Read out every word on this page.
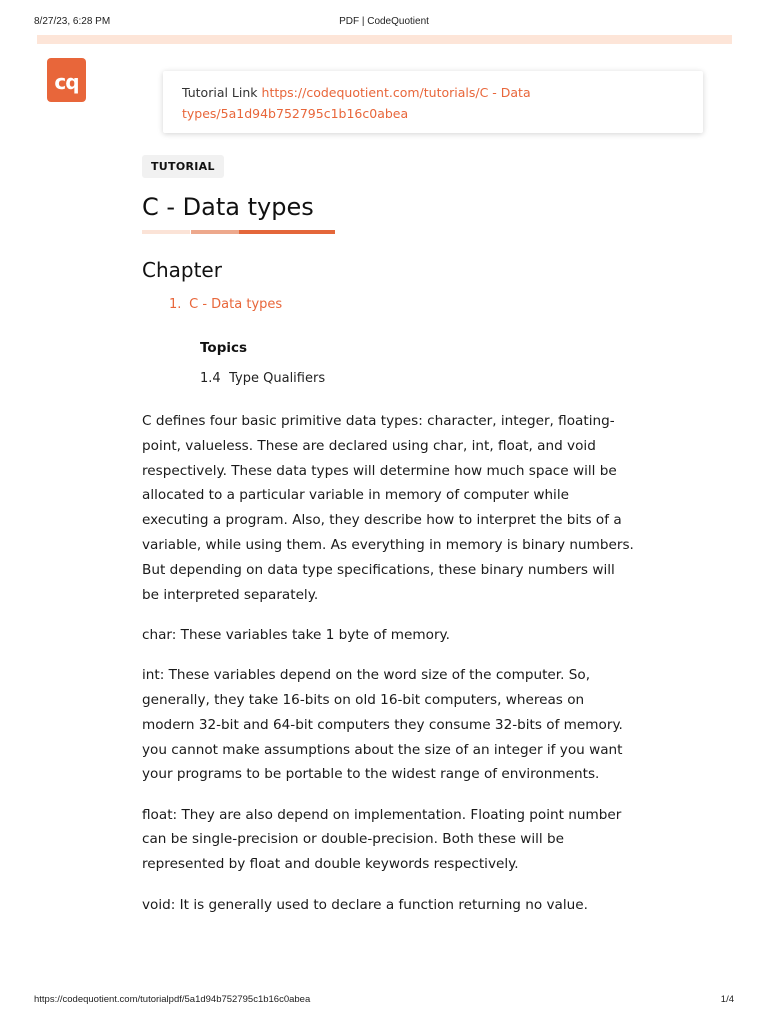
8/27/23, 6:28 PM	PDF | CodeQuotient
cq	Tutorial Link https://codequotient.com/tutorials/C - Data
types/5a1d94b752795c1b16c0abea
TUTORIAL
C - Data types
Chapter
1. C - Data types
Topics
1.4 Type Qualifiers

C defines four basic primitive data types: character, integer, floating-point, valueless. These are declared using char, int, float, and void respectively. These data types will determine how much space will be allocated to a particular variable in memory of computer while executing a program. Also, they describe how to interpret the bits of a variable, while using them. As everything in memory is binary numbers. But depending on data type specifications, these binary numbers will be interpreted separately.

char: These variables take 1 byte of memory.

int: These variables depend on the word size of the computer. So, generally, they take 16-bits on old 16-bit computers, whereas on modern 32-bit and 64-bit computers they consume 32-bits of memory. you cannot make assumptions about the size of an integer if you want your programs to be portable to the widest range of environments.

float: They are also depend on implementation. Floating point number can be single-precision or double-precision. Both these will be represented by float and double keywords respectively.

void: It is generally used to declare a function returning no value.

https://codequotient.com/tutorialpdf/5a1d94b752795c1b16c0abea	1/4
